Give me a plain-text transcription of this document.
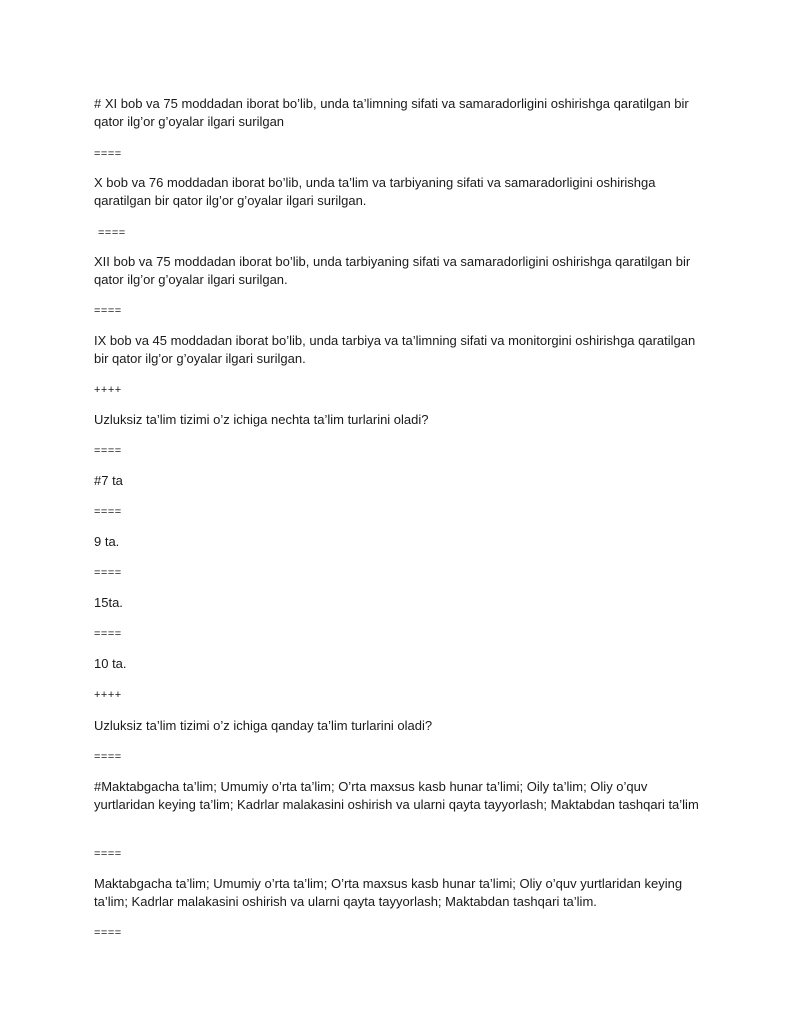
# XI bob va 75 moddadan iborat bo’lib, unda ta’limning sifati va samaradorligini oshirishga qaratilgan bir qator ilg’or g’oyalar ilgari surilgan

====

X bob va 76 moddadan iborat bo’lib, unda ta’lim va tarbiyaning sifati va samaradorligini oshirishga qaratilgan bir qator ilg’or g’oyalar ilgari surilgan.

====

XII bob va 75 moddadan iborat bo’lib, unda tarbiyaning sifati va samaradorligini oshirishga qaratilgan bir qator ilg’or g’oyalar ilgari surilgan.

====

IX bob va 45 moddadan iborat bo’lib, unda tarbiya va ta’limning sifati va monitorgini oshirishga qaratilgan bir qator ilg’or g’oyalar ilgari surilgan.

++++

Uzluksiz ta’lim tizimi o’z ichiga nechta ta’lim turlarini oladi?

====

#7 ta

====

9 ta.

====

15ta.

====

10 ta.

++++

Uzluksiz ta’lim tizimi o’z ichiga qanday ta’lim turlarini oladi?

====

#Maktabgacha ta’lim; Umumiy o’rta ta’lim; O’rta maxsus kasb hunar ta’limi; Oily ta’lim; Oliy o’quv yurtlaridan keying ta’lim; Kadrlar malakasini oshirish va ularni qayta tayyorlash; Maktabdan tashqari ta’lim

====

Maktabgacha ta’lim; Umumiy o’rta ta’lim; O’rta maxsus kasb hunar ta’limi; Oliy o’quv yurtlaridan keying ta’lim; Kadrlar malakasini oshirish va ularni qayta tayyorlash; Maktabdan tashqari ta’lim.

====
